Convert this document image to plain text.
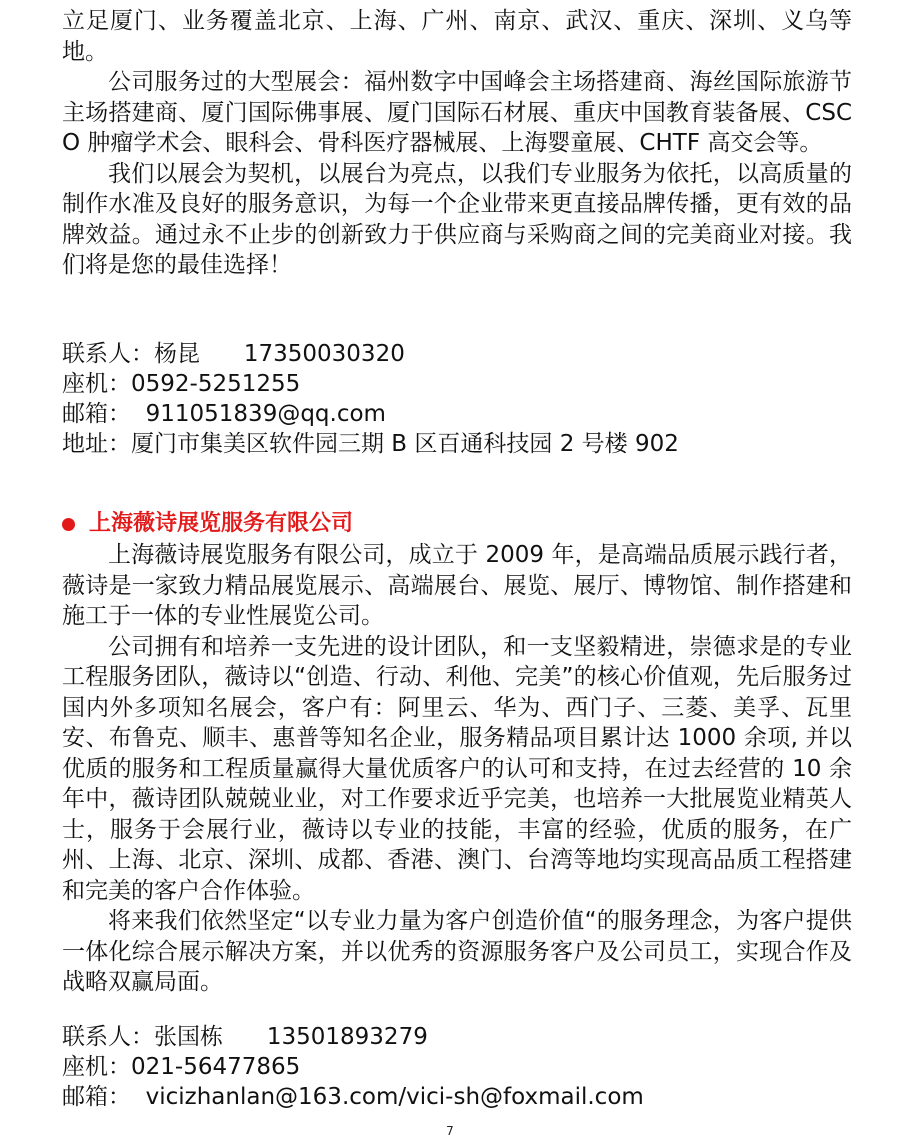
立足厦门、业务覆盖北京、上海、广州、南京、武汉、重庆、深圳、义乌等地。

公司服务过的大型展会：福州数字中国峰会主场搭建商、海丝国际旅游节主场搭建商、厦门国际佛事展、厦门国际石材展、重庆中国教育装备展、CSCO 肿瘤学术会、眼科会、骨科医疗器械展、上海婴童展、CHTF 高交会等。

我们以展会为契机，以展台为亮点，以我们专业服务为依托，以高质量的制作水准及良好的服务意识，为每一个企业带来更直接品牌传播，更有效的品牌效益。通过永不止步的创新致力于供应商与采购商之间的完美商业对接。我们将是您的最佳选择！

联系人：杨昆      17350030320

座机：0592-5251255

邮箱：  911051839@qq.com

地址：厦门市集美区软件园三期 B 区百通科技园 2 号楼 902

上海薇诗展览服务有限公司

上海薇诗展览服务有限公司，成立于 2009 年，是高端品质展示践行者，薇诗是一家致力精品展览展示、高端展台、展览、展厅、博物馆、制作搭建和施工于一体的专业性展览公司。

公司拥有和培养一支先进的设计团队，和一支坚毅精进，崇德求是的专业工程服务团队，薇诗以“创造、行动、利他、完美”的核心价值观，先后服务过国内外多项知名展会，客户有：阿里云、华为、西门子、三菱、美孚、瓦里安、布鲁克、顺丰、惠普等知名企业，服务精品项目累计达 1000 余项, 并以优质的服务和工程质量赢得大量优质客户的认可和支持，在过去经营的 10 余年中，薇诗团队兢兢业业，对工作要求近乎完美，也培养一大批展览业精英人士，服务于会展行业，薇诗以专业的技能，丰富的经验，优质的服务，在广州、上海、北京、深圳、成都、香港、澳门、台湾等地均实现高品质工程搭建和完美的客户合作体验。

将来我们依然坚定“以专业力量为客户创造价值“的服务理念，为客户提供一体化综合展示解决方案，并以优秀的资源服务客户及公司员工，实现合作及战略双赢局面。

联系人：张国栋      13501893279

座机：021-56477865

邮箱：  vicizhanlan@163.com/vici-sh@foxmail.com

7
